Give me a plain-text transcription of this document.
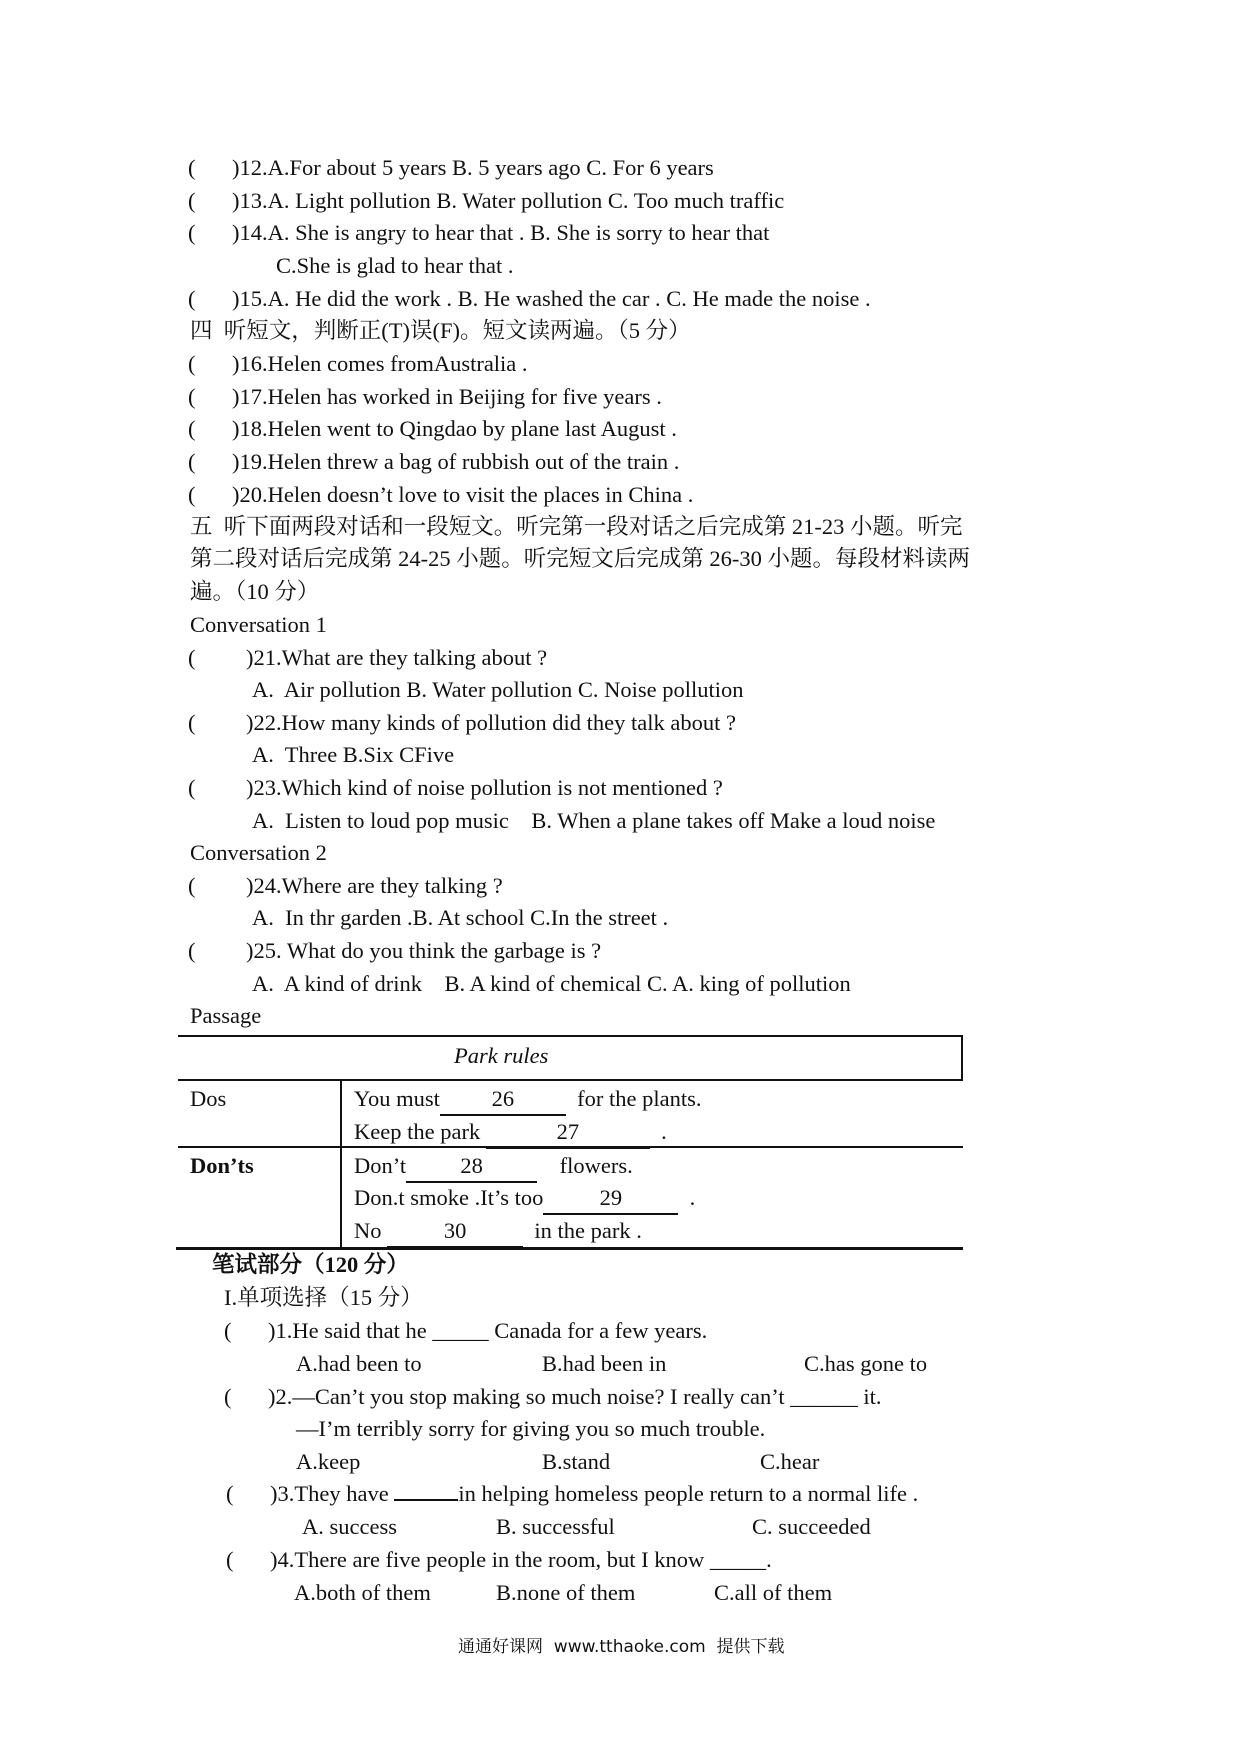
(	)12.A.For about 5 years B. 5 years ago C. For 6 years
(	)13.A. Light pollution B. Water pollution C. Too much traffic
(	)14.A. She is angry to hear that . B. She is sorry to hear that
C.She is glad to hear that .
(	)15.A. He did the work . B. He washed the car . C. He made the noise .
四  听短文，判断正(T)误(F)。短文读两遍。（5 分）
(	)16.Helen comes fromAustralia .
(	)17.Helen has worked in Beijing for five years .
(	)18.Helen went to Qingdao by plane last August .
(	)19.Helen threw a bag of rubbish out of the train .
(	)20.Helen doesn’t love to visit the places in China .
五  听下面两段对话和一段短文。听完第一段对话之后完成第 21-23 小题。听完
第二段对话后完成第 24-25 小题。听完短文后完成第 26-30 小题。每段材料读两
遍。（10 分）
Conversation 1
(	)21.What are they talking about ?
A.  Air pollution B. Water pollution C. Noise pollution
(	)22.How many kinds of pollution did they talk about ?
A.  Three B.Six CFive
(	)23.Which kind of noise pollution is not mentioned ?
A.  Listen to loud pop music    B. When a plane takes off Make a loud noise
Conversation 2
(	)24.Where are they talking ?
A.  In thr garden .B. At school C.In the street .
(	)25. What do you think the garbage is ?
A.  A kind of drink    B. A kind of chemical C. A. king of pollution
Passage
Park rules
Dos	You must 26	for the plants.
Keep the park	27	.
Don’ts	Don’t 28	flowers.
Don.t smoke .It’s too	29	.
No	30	in the park .
笔试部分（120 分）
I.单项选择（15 分）
(	)1.He said that he _____ Canada for a few years.
A.had been to	B.had been in	C.has gone to
(	)2.—Can’t you stop making so much noise? I really can’t ______ it.
—I’m terribly sorry for giving you so much trouble.
A.keep	B.stand	C.hear
(	)3.They have	in helping homeless people return to a normal life .
A. success	B. successful	C. succeeded
(	)4.There are five people in the room, but I know _____.
A.both of them	B.none of them	C.all of them
通通好课网  www.tthaoke.com  提供下载
